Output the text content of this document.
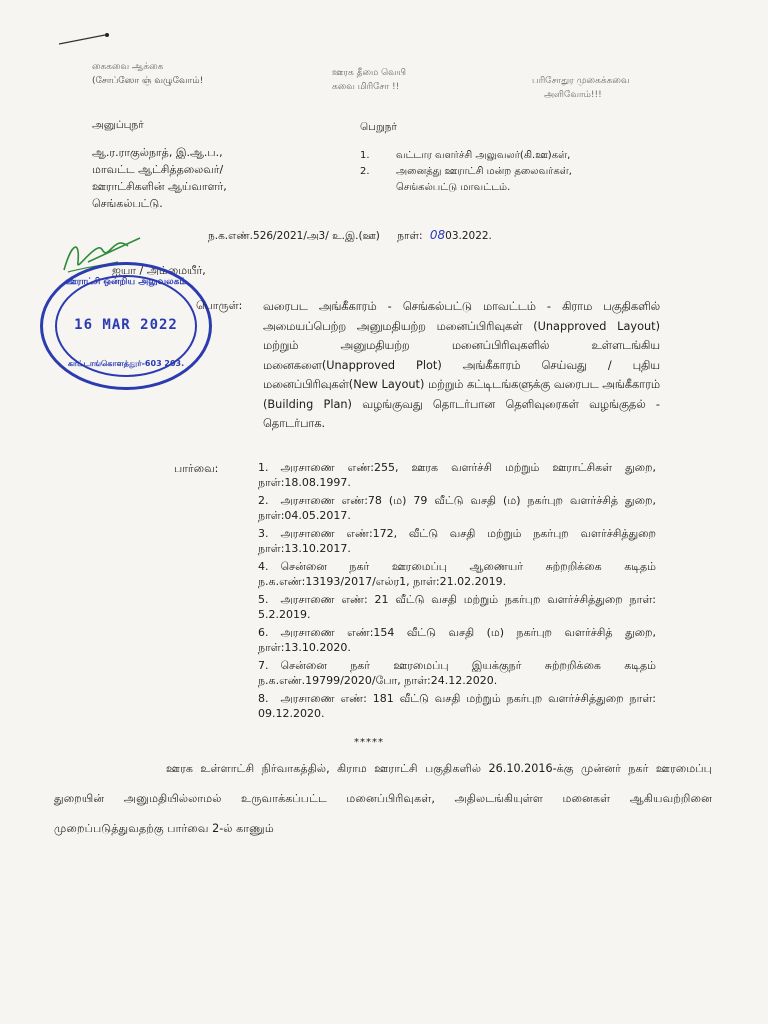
கைகவை ஆக்கை
(சோப்ஸோ ஞ் வழுவோம்!
ஊரக தீமை வெயி
கவை மிரிசோ !!
பரிசோதுர முகைக்கவை
அளிவோம்!!!
அனுப்புநர்
ஆ.ர.ராகுல்நாத், இ.ஆ.ப.,
மாவட்ட ஆட்சித்தலைவர்/
ஊராட்சிகளின் ஆய்வாளர்,
செங்கல்பட்டு.
பெறுநர்
1.	வட்டார வளர்ச்சி அலுவலர்(கி.ஊ)கள்,
2.	அனைத்து ஊராட்சி மன்ற தலைவர்கள்,
செங்கல்பட்டு மாவட்டம்.
ந.க.எண்.526/2021/அ3/ உ.இ.(ஊ) நாள்: 0803.2022.
ஐயா / அம்மையீர்,
ஊராட்சி ஒன்றிய அலுவலகம்
16 MAR 2022
காட்டாங்கொளத்தூர்-603 203.
பொருள்: வரைபட அங்கீகாரம் - செங்கல்பட்டு மாவட்டம் - கிராம பகுதிகளில் அமையப்பெற்ற அனுமதியற்ற மனைப்பிரிவுகள் (Unapproved Layout) மற்றும் அனுமதியற்ற மனைப்பிரிவுகளில் உள்ளடங்கிய மனைகளை(Unapproved Plot) அங்கீகாரம் செய்வது / புதிய மனைப்பிரிவுகள்(New Layout) மற்றும் கட்டிடங்களுக்கு வரைபட அங்கீகாரம் (Building Plan) வழங்குவது தொடர்பான தெளிவுரைகள் வழங்குதல் - தொடர்பாக.
பார்வை:	1. அரசாணை எண்:255, ஊரக வளர்ச்சி மற்றும் ஊராட்சிகள் துறை, நாள்:18.08.1997.
2. அரசாணை எண்:78 (ம) 79 வீட்டு வசதி (ம) நகர்புற வளர்ச்சித் துறை, நாள்:04.05.2017.
3. அரசாணை எண்:172, வீட்டு வசதி மற்றும் நகர்புற வளர்ச்சித்துறை நாள்:13.10.2017.
4. சென்னை நகர் ஊரமைப்பு ஆணையர் சுற்றறிக்கை கடிதம் ந.க.எண்:13193/2017/எல்ர1, நாள்:21.02.2019.
5. அரசாணை எண்: 21 வீட்டு வசதி மற்றும் நகர்புற வளர்ச்சித்துறை நாள்: 5.2.2019.
6. அரசாணை எண்:154 வீட்டு வசதி (ம) நகர்புற வளர்ச்சித் துறை, நாள்:13.10.2020.
7. சென்னை நகர் ஊரமைப்பு இயக்குநர் சுற்றறிக்கை கடிதம் ந.க.எண்.19799/2020/போ, நாள்:24.12.2020.
8. அரசாணை எண்: 181 வீட்டு வசதி மற்றும் நகர்புற வளர்ச்சித்துறை நாள்: 09.12.2020.
*****
ஊரக உள்ளாட்சி நிர்வாகத்தில், கிராம ஊராட்சி பகுதிகளில் 26.10.2016-க்கு முன்னர் நகர் ஊரமைப்பு துறையின் அனுமதியில்லாமல் உருவாக்கப்பட்ட மனைப்பிரிவுகள், அதிலடங்கியுள்ள மனைகள் ஆகியவற்றினை முறைப்படுத்துவதற்கு பார்வை 2-ல் காணும்
